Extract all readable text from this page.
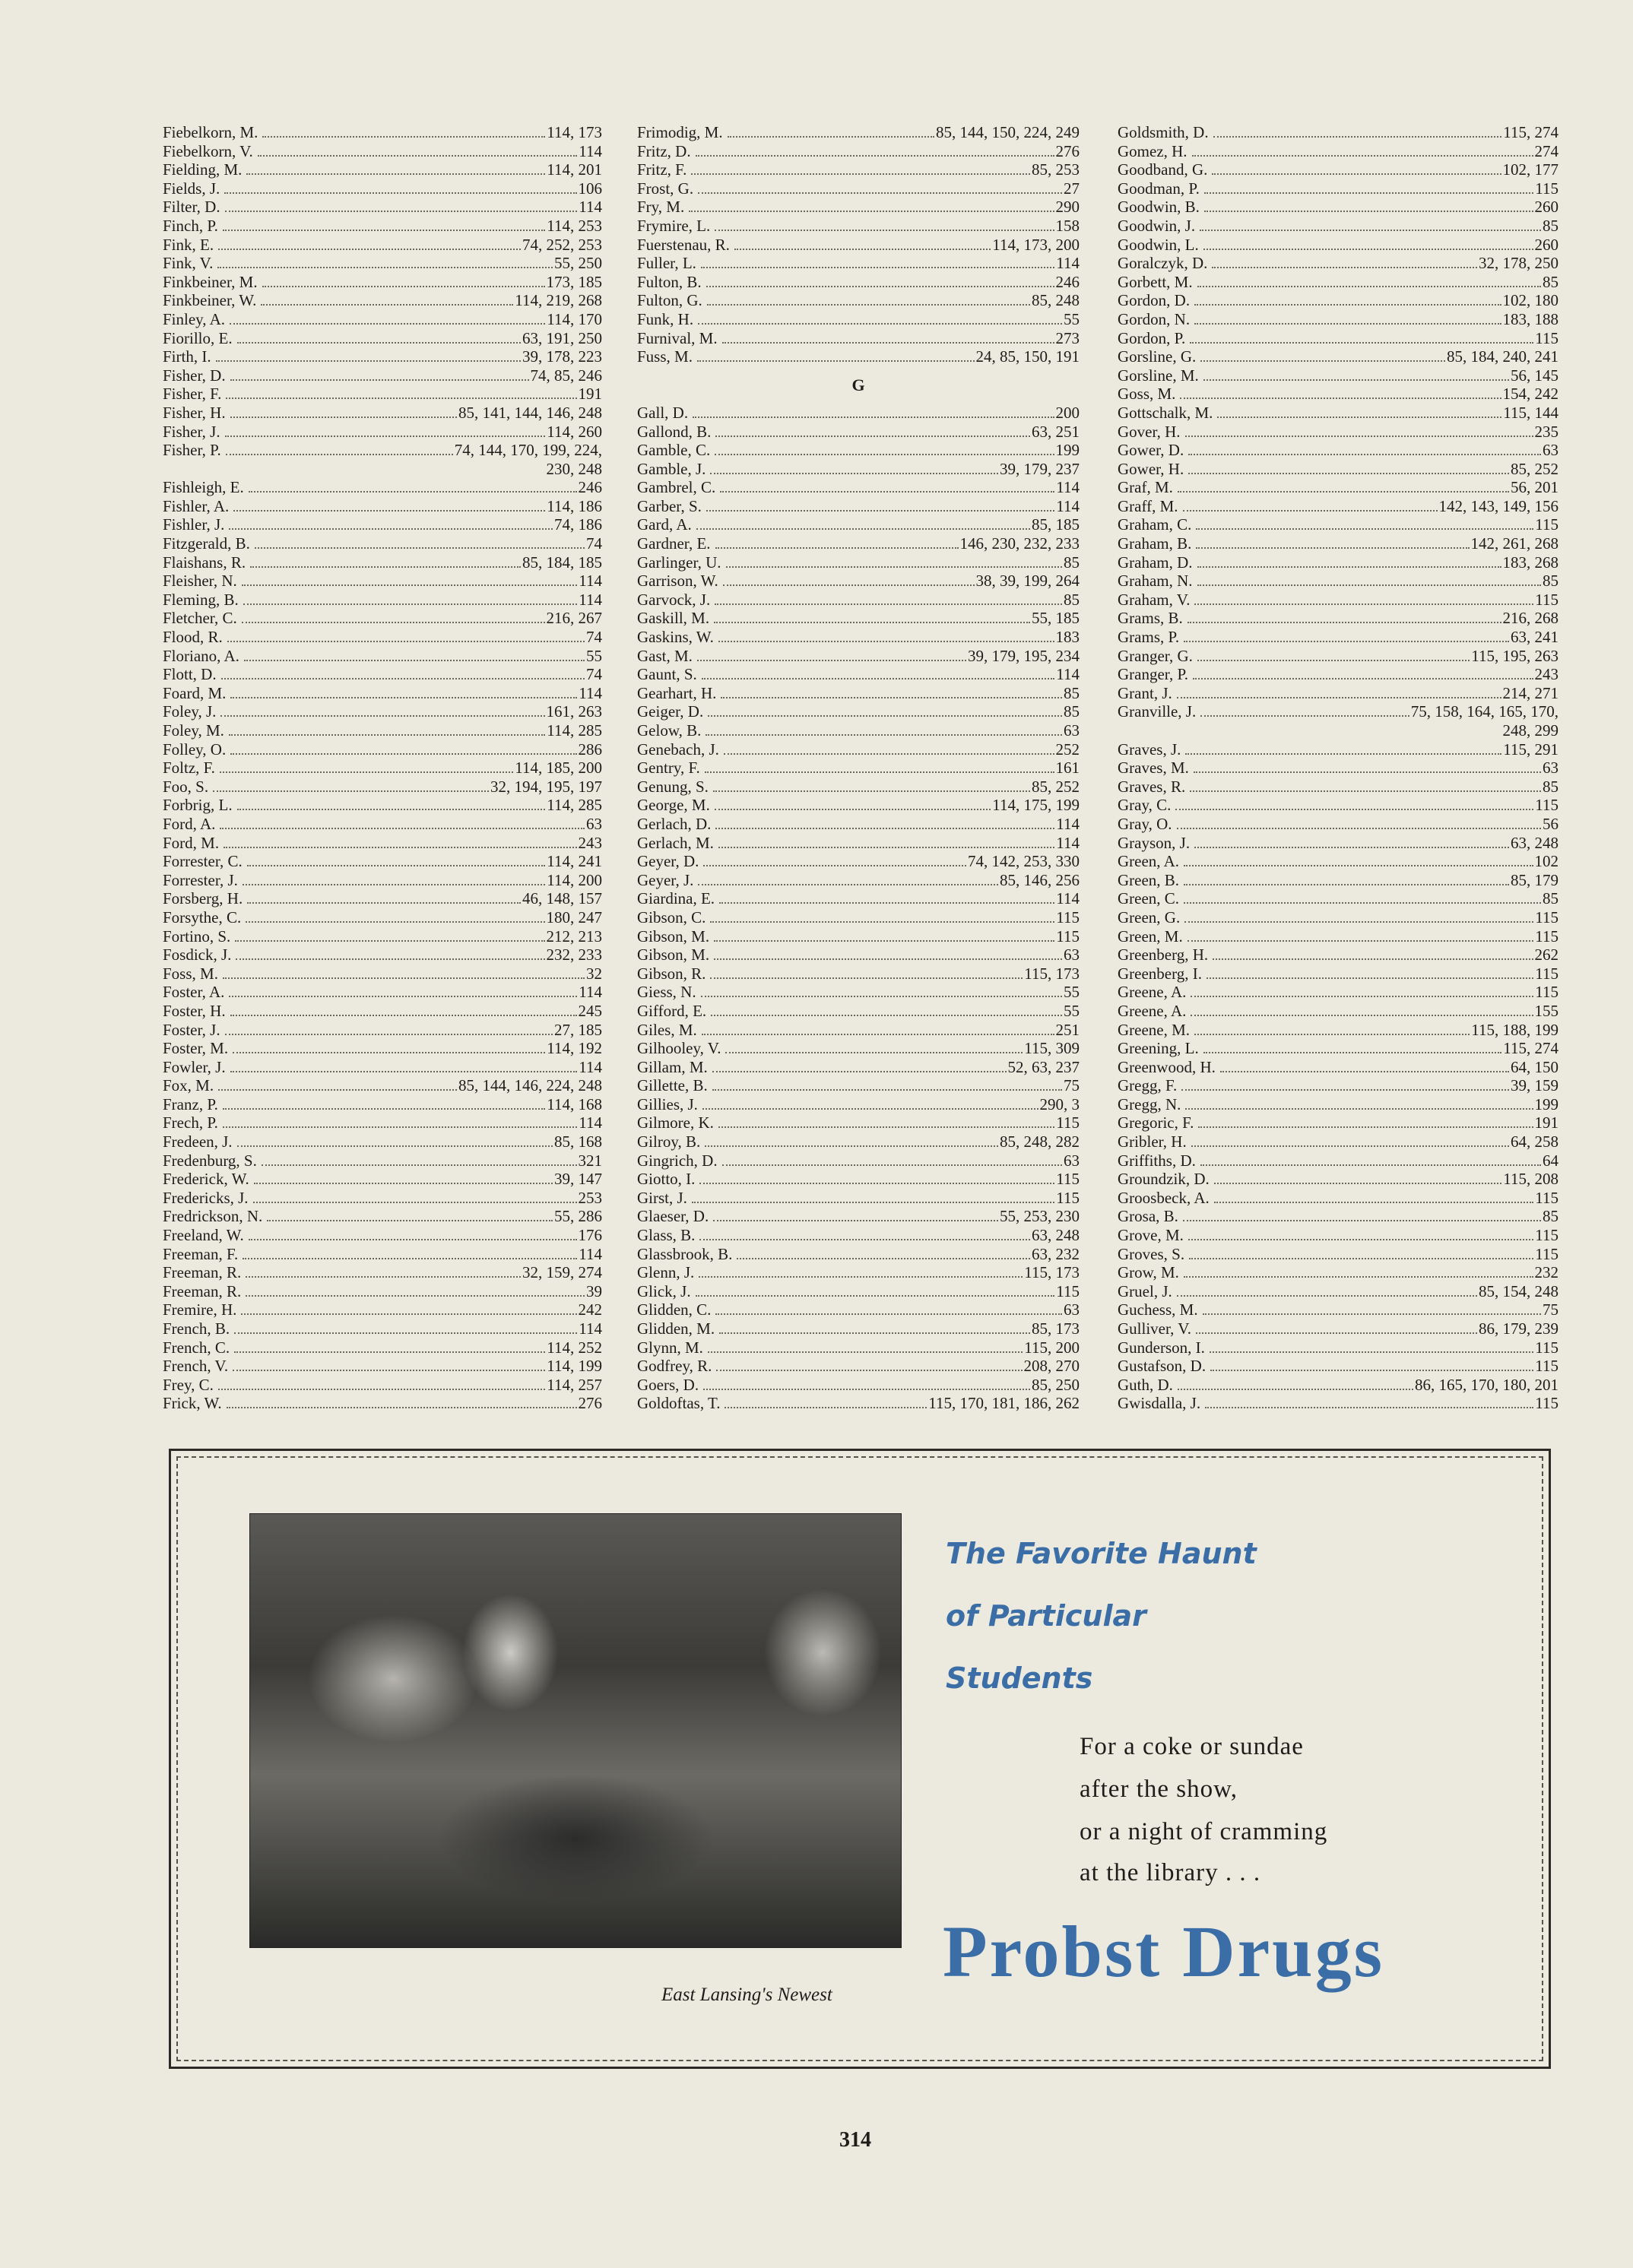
Fiebelkorn, M.	114, 173
Fiebelkorn, V.	114
Fielding, M.	114, 201
Fields, J.	106
Filter, D.	114
Finch, P.	114, 253
Fink, E.	74, 252, 253
Fink, V.	55, 250
Finkbeiner, M.	173, 185
Finkbeiner, W.	114, 219, 268
Finley, A.	114, 170
Fiorillo, E.	63, 191, 250
Firth, I.	39, 178, 223
Fisher, D.	74, 85, 246
Fisher, F.	191
Fisher, H.	85, 141, 144, 146, 248
Fisher, J.	114, 260
Fisher, P.	74, 144, 170, 199, 224,
230, 248
Fishleigh, E.	246
Fishler, A.	114, 186
Fishler, J.	74, 186
Fitzgerald, B.	74
Flaishans, R.	85, 184, 185
Fleisher, N.	114
Fleming, B.	114
Fletcher, C.	216, 267
Flood, R.	74
Floriano, A.	55
Flott, D.	74
Foard, M.	114
Foley, J.	161, 263
Foley, M.	114, 285
Folley, O.	286
Foltz, F.	114, 185, 200
Foo, S.	32, 194, 195, 197
Forbrig, L.	114, 285
Ford, A.	63
Ford, M.	243
Forrester, C.	114, 241
Forrester, J.	114, 200
Forsberg, H.	46, 148, 157
Forsythe, C.	180, 247
Fortino, S.	212, 213
Fosdick, J.	232, 233
Foss, M.	32
Foster, A.	114
Foster, H.	245
Foster, J.	27, 185
Foster, M.	114, 192
Fowler, J.	114
Fox, M.	85, 144, 146, 224, 248
Franz, P.	114, 168
Frech, P.	114
Fredeen, J.	85, 168
Fredenburg, S.	321
Frederick, W.	39, 147
Fredericks, J.	253
Fredrickson, N.	55, 286
Freeland, W.	176
Freeman, F.	114
Freeman, R.	32, 159, 274
Freeman, R.	39
Fremire, H.	242
French, B.	114
French, C.	114, 252
French, V.	114, 199
Frey, C.	114, 257
Frick, W.	276
Frimodig, M.	85, 144, 150, 224, 249
Fritz, D.	276
Fritz, F.	85, 253
Frost, G.	27
Fry, M.	290
Frymire, L.	158
Fuerstenau, R.	114, 173, 200
Fuller, L.	114
Fulton, B.	246
Fulton, G.	85, 248
Funk, H.	55
Furnival, M.	273
Fuss, M.	24, 85, 150, 191
G
Gall, D.	200
Gallond, B.	63, 251
Gamble, C.	199
Gamble, J.	39, 179, 237
Gambrel, C.	114
Garber, S.	114
Gard, A.	85, 185
Gardner, E.	146, 230, 232, 233
Garlinger, U.	85
Garrison, W.	38, 39, 199, 264
Garvock, J.	85
Gaskill, M.	55, 185
Gaskins, W.	183
Gast, M.	39, 179, 195, 234
Gaunt, S.	114
Gearhart, H.	85
Geiger, D.	85
Gelow, B.	63
Genebach, J.	252
Gentry, F.	161
Genung, S.	85, 252
George, M.	114, 175, 199
Gerlach, D.	114
Gerlach, M.	114
Geyer, D.	74, 142, 253, 330
Geyer, J.	85, 146, 256
Giardina, E.	114
Gibson, C.	115
Gibson, M.	115
Gibson, M.	63
Gibson, R.	115, 173
Giess, N.	55
Gifford, E.	55
Giles, M.	251
Gilhooley, V.	115, 309
Gillam, M.	52, 63, 237
Gillette, B.	75
Gillies, J.	290, 3
Gilmore, K.	115
Gilroy, B.	85, 248, 282
Gingrich, D.	63
Giotto, I.	115
Girst, J.	115
Glaeser, D.	55, 253, 230
Glass, B.	63, 248
Glassbrook, B.	63, 232
Glenn, J.	115, 173
Glick, J.	115
Glidden, C.	63
Glidden, M.	85, 173
Glynn, M.	115, 200
Godfrey, R.	208, 270
Goers, D.	85, 250
Goldoftas, T.	115, 170, 181, 186, 262
Goldsmith, D.	115, 274
Gomez, H.	274
Goodband, G.	102, 177
Goodman, P.	115
Goodwin, B.	260
Goodwin, J.	85
Goodwin, L.	260
Goralczyk, D.	32, 178, 250
Gorbett, M.	85
Gordon, D.	102, 180
Gordon, N.	183, 188
Gordon, P.	115
Gorsline, G.	85, 184, 240, 241
Gorsline, M.	56, 145
Goss, M.	154, 242
Gottschalk, M.	115, 144
Gover, H.	235
Gower, D.	63
Gower, H.	85, 252
Graf, M.	56, 201
Graff, M.	142, 143, 149, 156
Graham, C.	115
Graham, B.	142, 261, 268
Graham, D.	183, 268
Graham, N.	85
Graham, V.	115
Grams, B.	216, 268
Grams, P.	63, 241
Granger, G.	115, 195, 263
Granger, P.	243
Grant, J.	214, 271
Granville, J.	75, 158, 164, 165, 170,
248, 299
Graves, J.	115, 291
Graves, M.	63
Graves, R.	85
Gray, C.	115
Gray, O.	56
Grayson, J.	63, 248
Green, A.	102
Green, B.	85, 179
Green, C.	85
Green, G.	115
Green, M.	115
Greenberg, H.	262
Greenberg, I.	115
Greene, A.	115
Greene, A.	155
Greene, M.	115, 188, 199
Greening, L.	115, 274
Greenwood, H.	64, 150
Gregg, F.	39, 159
Gregg, N.	199
Gregoric, F.	191
Gribler, H.	64, 258
Griffiths, D.	64
Groundzik, D.	115, 208
Groosbeck, A.	115
Grosa, B.	85
Grove, M.	115
Groves, S.	115
Grow, M.	232
Gruel, J.	85, 154, 248
Guchess, M.	75
Gulliver, V.	86, 179, 239
Gunderson, I.	115
Gustafson, D.	115
Guth, D.	86, 165, 170, 180, 201
Gwisdalla, J.	115
East Lansing's Newest
The Favorite Haunt
of Particular
Students
For a coke or sundae
after the show,
or a night of cramming
at the library . . .
Probst Drugs
314
